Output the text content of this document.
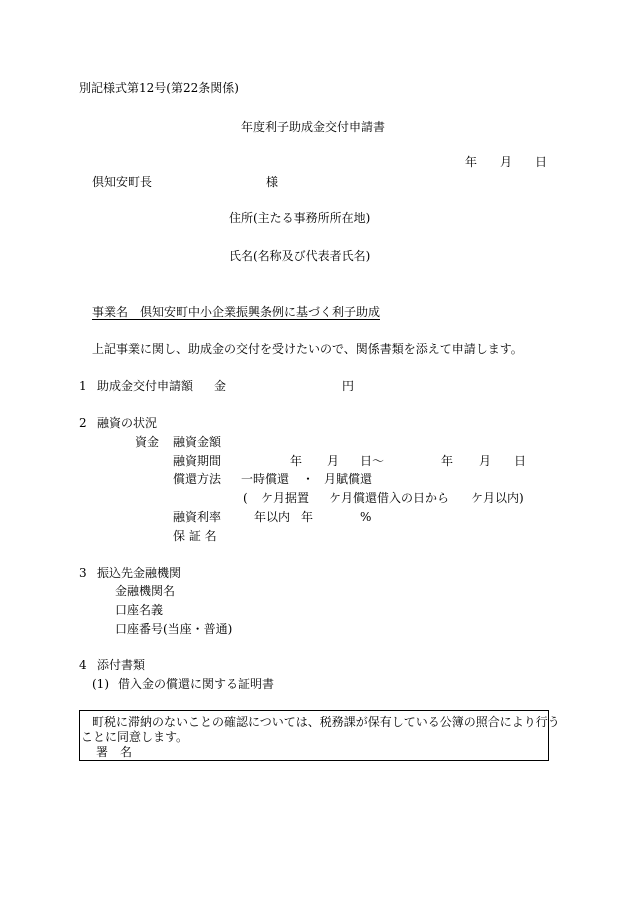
別記様式第12号(第22条関係)
年度利子助成金交付申請書
年 月 日
倶知安町長	様
住所(主たる事務所所在地)
氏名(名称及び代表者氏名)
事業名 倶知安町中小企業振興条例に基づく利子助成
上記事業に関し、助成金の交付を受けたいので、関係書類を添えて申請します。
1 助成金交付申請額 金	円
2 融資の状況
資金 融資金額
融資期間	年 月 日〜	年 月 日
償還方法 一時償還 ・ 月賦償還
( ケ月据置 ケ月償還借入の日から ケ月以内)
融資利率	年以内 年	%
保 証 名
3 振込先金融機関
金融機関名
口座名義
口座番号(当座・普通)
4 添付書類
(1) 借入金の償還に関する証明書
町税に滞納のないことの確認については、税務課が保有している公簿の照合により行う
ことに同意します。
署　名
